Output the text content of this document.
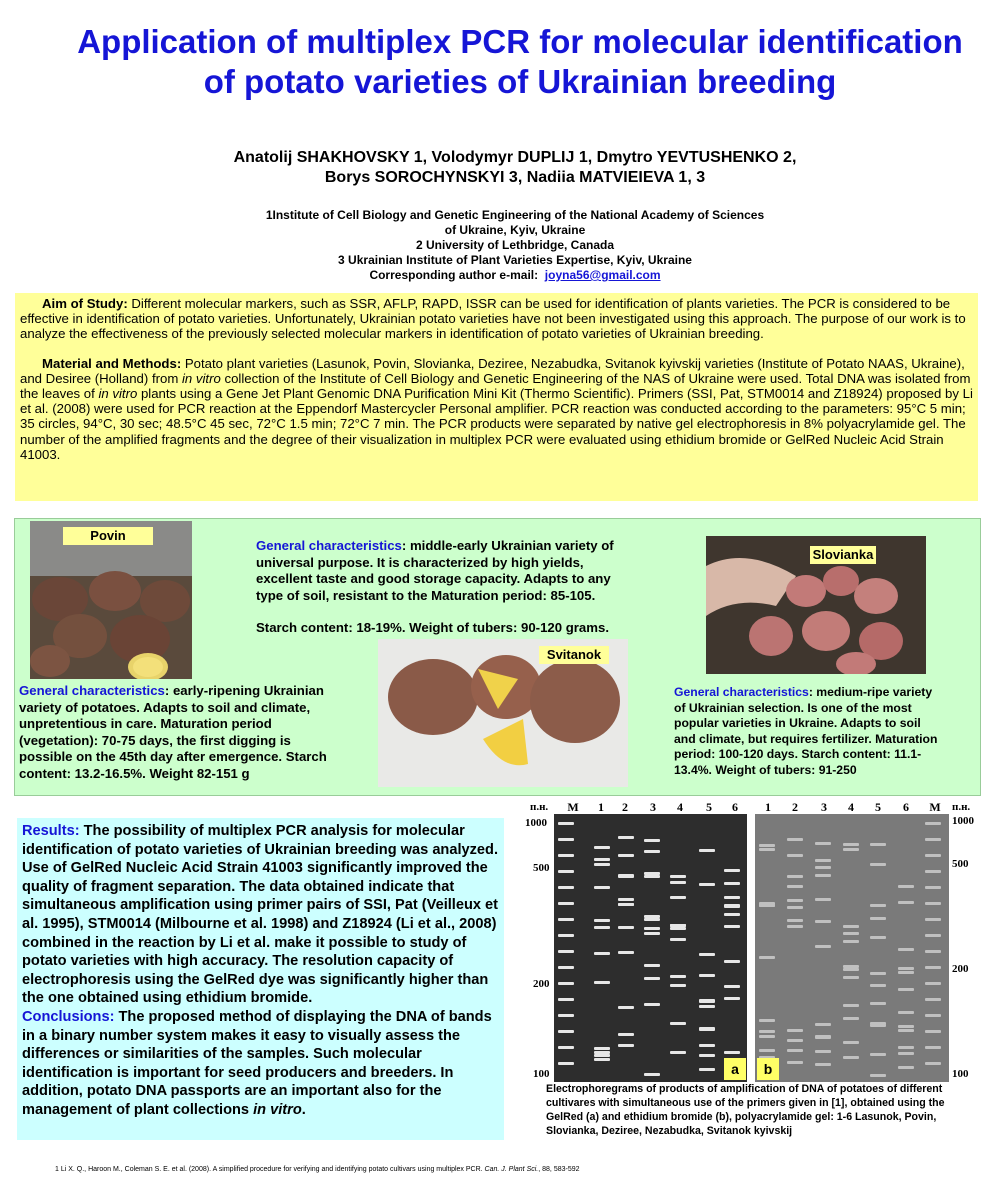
Application of multiplex PCR for molecular identification
of potato varieties of Ukrainian breeding
Anatolij SHAKHOVSKY 1, Volodymyr DUPLIJ 1, Dmytro YEVTUSHENKO 2,
Borys SOROCHYNSKYI 3, Nadiia MATVIEIEVA 1, 3
1Institute of Cell Biology and Genetic Engineering of the National Academy of Sciences
of Ukraine, Kyiv, Ukraine
2 University of Lethbridge, Canada
3 Ukrainian Institute of Plant Varieties Expertise, Kyiv, Ukraine
Corresponding author e-mail: joyna56@gmail.com

Aim of Study: Different molecular markers, such as SSR, AFLP, RAPD, ISSR can be used for identification of plants varieties. The PCR is considered to be effective in identification of potato varieties. Unfortunately, Ukrainian potato varieties have not been investigated using this approach. The purpose of our work is to analyze the effectiveness of the previously selected molecular markers in identification of potato varieties of Ukrainian breeding.

Material and Methods: Potato plant varieties (Lasunok, Povin, Slovianka, Deziree, Nezabudka, Svitanok kyivskij varieties (Institute of Potato NAAS, Ukraine), and Desiree (Holland) from in vitro collection of the Institute of Cell Biology and Genetic Engineering of the NAS of Ukraine were used. Total DNA was isolated from the leaves of in vitro plants using a Gene Jet Plant Genomic DNA Purification Mini Kit (Thermo Scientific). Primers (SSI, Pat, STM0014 and Z18924) proposed by Li et al. (2008) were used for PCR reaction at the Eppendorf Mastercycler Personal amplifier. PCR reaction was conducted according to the parameters: 95°C 5 min; 35 circles, 94°C, 30 sec; 48.5°C 45 sec, 72°C 1.5 min; 72°C 7 min. The PCR products were separated by native gel electrophoresis in 8% polyacrylamide gel. The number of the amplified fragments and the degree of their visualization in multiplex PCR were evaluated using ethidium bromide or GelRed Nucleic Acid Strain 41003.

Povin
General characteristics: middle-early Ukrainian variety of
universal purpose. It is characterized by high yields,
excellent taste and good storage capacity. Adapts to any
type of soil, resistant to the Maturation period: 85-105.
Starch content: 18-19%. Weight of tubers: 90-120 grams.
Svitanok
General characteristics: early-ripening Ukrainian
variety of potatoes. Adapts to soil and climate,
unpretentious in care. Maturation period
(vegetation): 70-75 days, the first digging is
possible on the 45th day after emergence. Starch
content: 13.2-16.5%. Weight 82-151 g
Slovianka
General characteristics: medium-ripe variety
of Ukrainian selection. Is one of the most
popular varieties in Ukraine. Adapts to soil
and climate, but requires fertilizer. Maturation
period: 100-120 days. Starch content: 11.1-
13.4%. Weight of tubers: 91-250
Results: The possibility of multiplex PCR analysis for molecular identification of potato varieties of Ukrainian breeding was analyzed. Use of GelRed Nucleic Acid Strain 41003 significantly improved the quality of fragment separation. The data obtained indicate that simultaneous amplification using primer pairs of SSI, Pat (Veilleux et al. 1995), STM0014 (Milbourne et al. 1998) and Z18924 (Li et al., 2008) combined in the reaction by Li et al. make it possible to study of potato varieties with high accuracy. The resolution capacity of electrophoresis using the GelRed dye was significantly higher than the one obtained using ethidium bromide.
Conclusions: The proposed method of displaying the DNA of bands in a binary number system makes it easy to visually assess the differences or similarities of the samples. Such molecular identification is important for seed producers and breeders. In addition, potato DNA passports are an important also for the management of plant collections in vitro.
п.н.	п.н.
M	1	2	3	4	5	6	1	2	3	4	5	6	M
1000
500
200
100
1000
500
200
100
a	b
Electrophoregrams of products of amplification of DNA of potatoes of different cultivares with simultaneous use of the primers given in [1], obtained using the GelRed (a) and ethidium bromide (b), polyacrylamide gel: 1-6 Lasunok, Povin, Slovianka, Deziree, Nezabudka, Svitanok kyivskij
1 Li X. Q., Haroon M., Coleman S. E. et al. (2008). A simplified procedure for verifying and identifying potato cultivars using multiplex PCR. Can. J. Plant Sci., 88, 583-592
